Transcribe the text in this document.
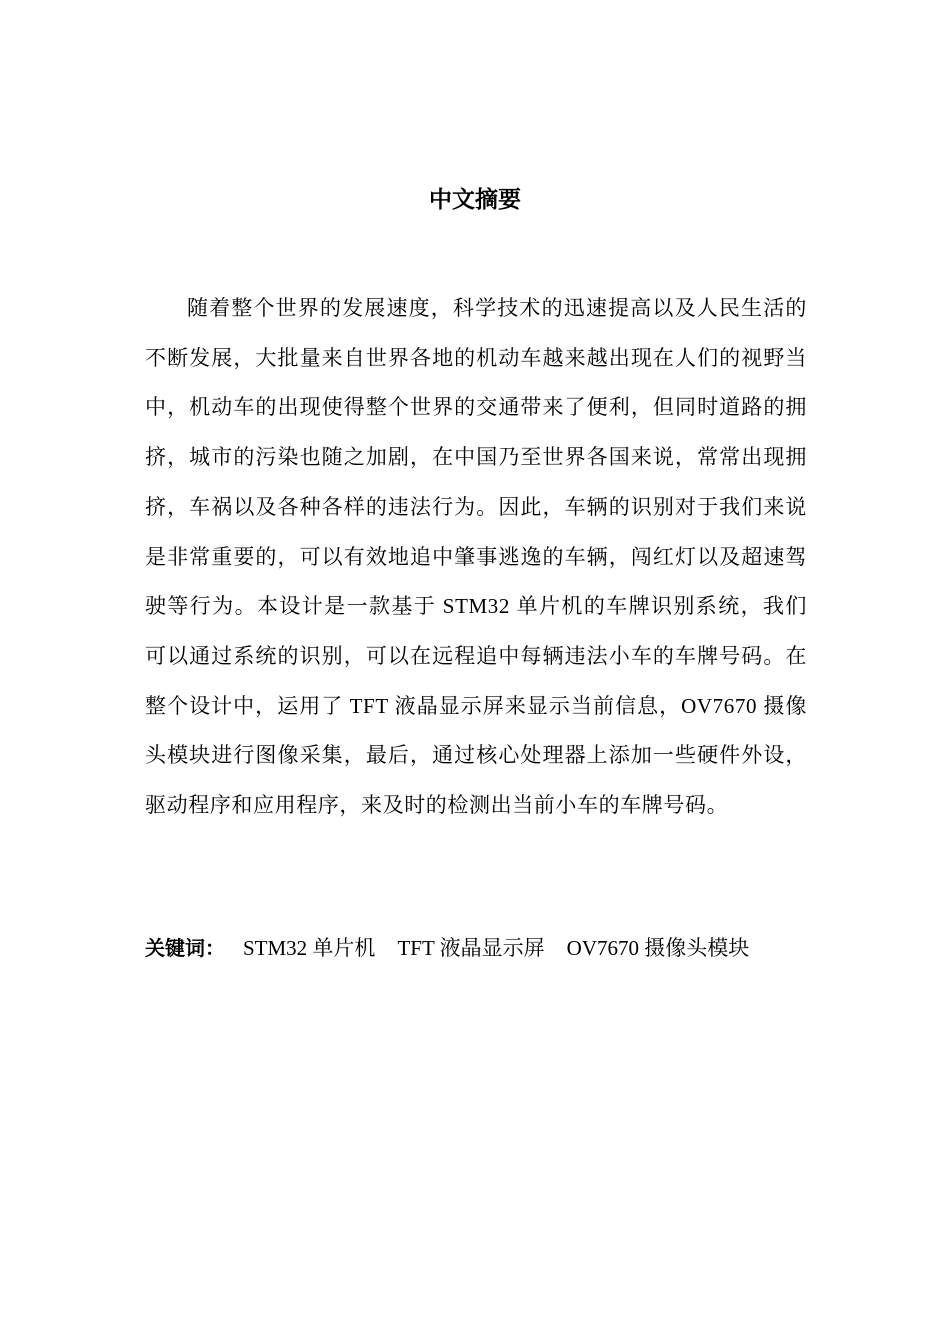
中文摘要

随着整个世界的发展速度，科学技术的迅速提高以及人民生活的不断发展，大批量来自世界各地的机动车越来越出现在人们的视野当中，机动车的出现使得整个世界的交通带来了便利，但同时道路的拥挤，城市的污染也随之加剧，在中国乃至世界各国来说，常常出现拥挤，车祸以及各种各样的违法行为。因此，车辆的识别对于我们来说是非常重要的，可以有效地追中肇事逃逸的车辆，闯红灯以及超速驾驶等行为。本设计是一款基于 STM32 单片机的车牌识别系统，我们可以通过系统的识别，可以在远程追中每辆违法小车的车牌号码。在整个设计中，运用了 TFT 液晶显示屏来显示当前信息，OV7670 摄像头模块进行图像采集，最后，通过核心处理器上添加一些硬件外设，驱动程序和应用程序，来及时的检测出当前小车的车牌号码。

关键词： STM32 单片机 TFT 液晶显示屏 OV7670 摄像头模块
